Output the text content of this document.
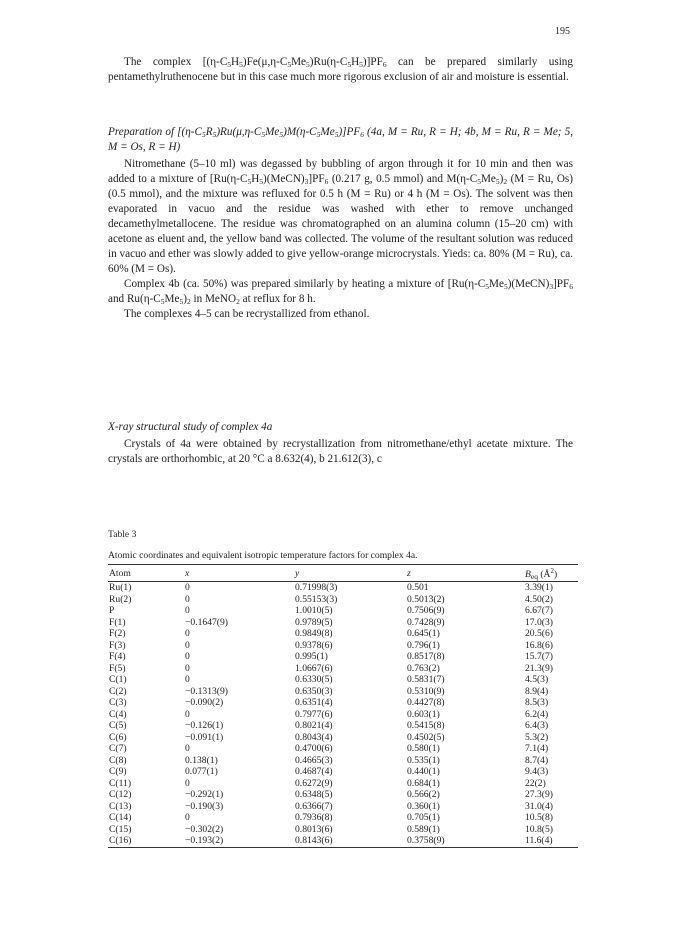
195

The complex $[(\eta-C_5H_5)Fe(\mu,\eta-C_5Me_5)Ru(\eta-C_5H_5)]PF_6$ can be prepared similarly using pentamethylruthenocene but in this case much more rigorous exclusion of air and moisture is essential.

Preparation of $[(\eta-C_5R_5)Ru(\mu,\eta-C_5Me_5)M(\eta-C_5Me_5)]PF_6$ (4a, M = Ru, R = H; 4b, M = Ru, R = Me; 5, M = Os, R = H)

Nitromethane (5–10 ml) was degassed by bubbling of argon through it for 10 min and then was added to a mixture of $[Ru(\eta-C_5H_5)(MeCN)_3]PF_6$ (0.217 g, 0.5 mmol) and $M(\eta-C_5Me_5)_2$ (M = Ru, Os) (0.5 mmol), and the mixture was refluxed for 0.5 h (M = Ru) or 4 h (M = Os). The solvent was then evaporated in vacuo and the residue was washed with ether to remove unchanged decamethylmetallocene. The residue was chromatographed on an alumina column (15–20 cm) with acetone as eluent and, the yellow band was collected. The volume of the resultant solution was reduced in vacuo and ether was slowly added to give yellow-orange microcrystals. Yieds: ca. 80% (M = Ru), ca. 60% (M = Os).

Complex 4b (ca. 50%) was prepared similarly by heating a mixture of $[Ru(\eta-C_5Me_5)(MeCN)_3]PF_6$ and $Ru(\eta-C_5Me_5)_2$ in MeNO$_2$ at reflux for 8 h.

The complexes 4–5 can be recrystallized from ethanol.

X-ray structural study of complex 4a

Crystals of 4a were obtained by recrystallization from nitromethane/ethyl acetate mixture. The crystals are orthorhombic, at 20 °C a 8.632(4), b 21.612(3), c

Table 3
Atomic coordinates and equivalent isotropic temperature factors for complex 4a.
Atom	x	y	z	$B_{eq}$ $(Å^2)$
Ru(1)	0	0.71998(3)	0.501	3.39(1)
Ru(2)	0	0.55153(3)	0.5013(2)	4.50(2)
P	0	1.0010(5)	0.7506(9)	6.67(7)
F(1)	−0.1647(9)	0.9789(5)	0.7428(9)	17.0(3)
F(2)	0	0.9849(8)	0.645(1)	20.5(6)
F(3)	0	0.9378(6)	0.796(1)	16.8(6)
F(4)	0	0.995(1)	0.8517(8)	15.7(7)
F(5)	0	1.0667(6)	0.763(2)	21.3(9)
C(1)	0	0.6330(5)	0.5831(7)	4.5(3)
C(2)	−0.1313(9)	0.6350(3)	0.5310(9)	8.9(4)
C(3)	−0.090(2)	0.6351(4)	0.4427(8)	8.5(3)
C(4)	0	0.7977(6)	0.603(1)	6.2(4)
C(5)	−0.126(1)	0.8021(4)	0.5415(8)	6.4(3)
C(6)	−0.091(1)	0.8043(4)	0.4502(5)	5.3(2)
C(7)	0	0.4700(6)	0.580(1)	7.1(4)
C(8)	0.138(1)	0.4665(3)	0.535(1)	8.7(4)
C(9)	0.077(1)	0.4687(4)	0.440(1)	9.4(3)
C(11)	0	0.6272(9)	0.684(1)	22(2)
C(12)	−0.292(1)	0.6348(5)	0.566(2)	27.3(9)
C(13)	−0.190(3)	0.6366(7)	0.360(1)	31.0(4)
C(14)	0	0.7936(8)	0.705(1)	10.5(8)
C(15)	−0.302(2)	0.8013(6)	0.589(1)	10.8(5)
C(16)	−0.193(2)	0.8143(6)	0.3758(9)	11.6(4)
